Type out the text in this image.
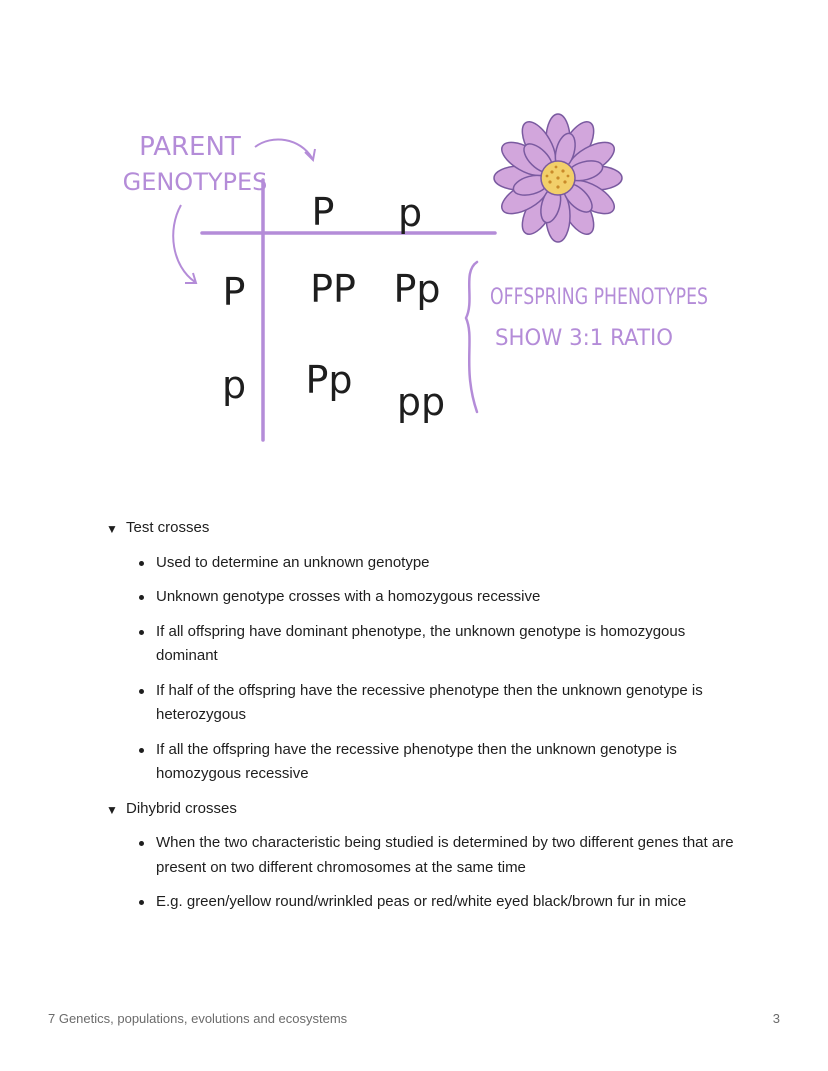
PARENT
GENOTYPES
P p
P
p
PP Pp
Pp pp
OFFSPRING PHENOTYPES
SHOW 3:1 RATIO
▼ Test crosses
Used to determine an unknown genotype
Unknown genotype crosses with a homozygous recessive
If all offspring have dominant phenotype, the unknown genotype is homozygous dominant
If half of the offspring have the recessive phenotype then the unknown genotype is heterozygous
If all the offspring have the recessive phenotype then the unknown genotype is homozygous recessive
▼ Dihybrid crosses
When the two characteristic being studied is determined by two different genes that are present on two different chromosomes at the same time
E.g. green/yellow round/wrinkled peas or red/white eyed black/brown fur in mice
7 Genetics, populations, evolutions and ecosystems	3
